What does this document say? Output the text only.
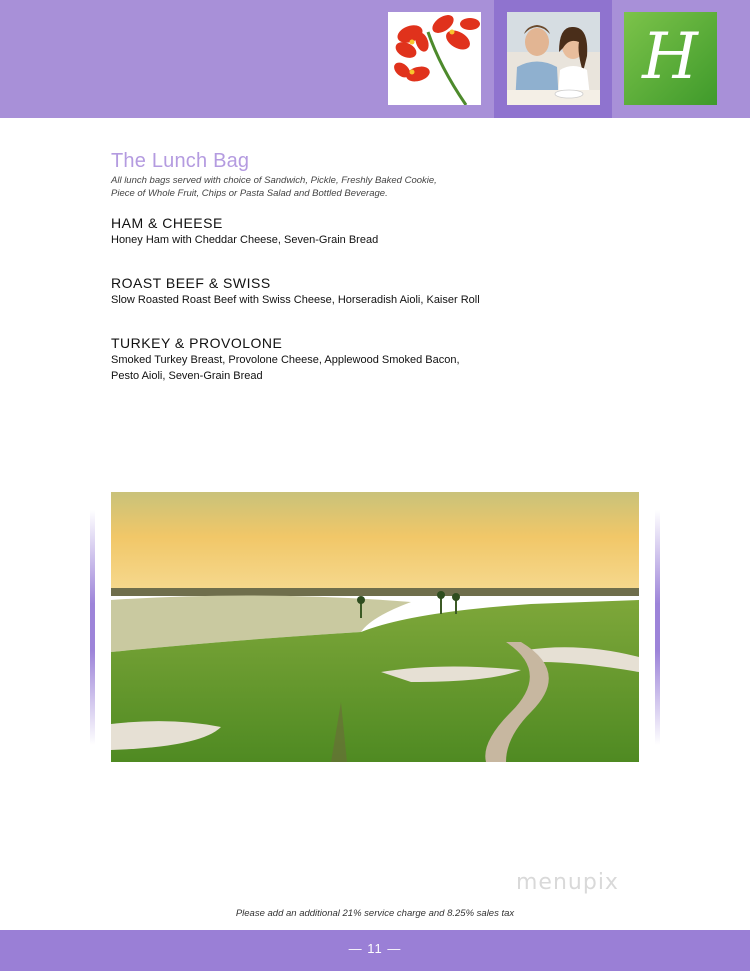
H
The Lunch Bag
All lunch bags served with choice of Sandwich, Pickle, Freshly Baked Cookie,
Piece of Whole Fruit, Chips or Pasta Salad and Bottled Beverage.
HAM & CHEESE
Honey Ham with Cheddar Cheese, Seven-Grain Bread
ROAST BEEF & SWISS
Slow Roasted Roast Beef with Swiss Cheese, Horseradish Aioli, Kaiser Roll
TURKEY & PROVOLONE
Smoked Turkey Breast, Provolone Cheese, Applewood Smoked Bacon,
Pesto Aioli, Seven-Grain Bread
menupix
Please add an additional 21% service charge and 8.25% sales tax
— 11 —
